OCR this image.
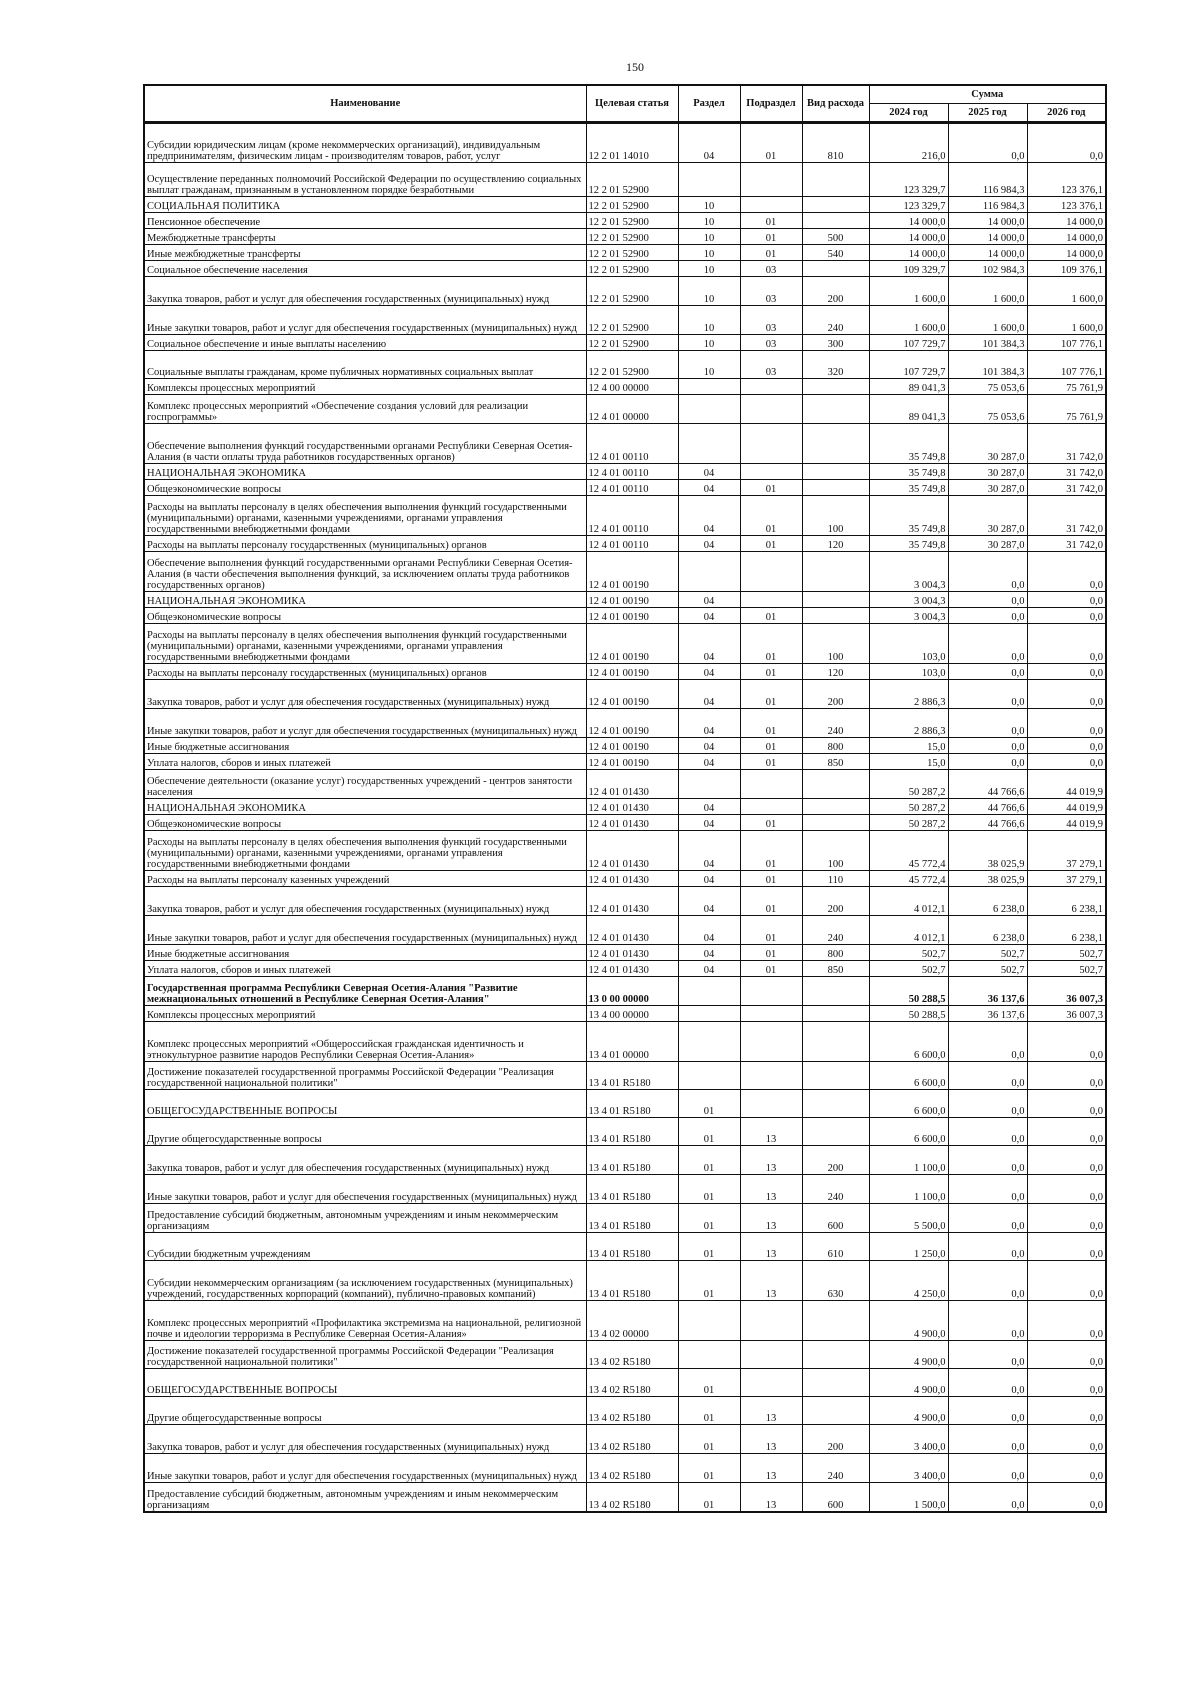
150
Наименование	Целевая статья	Раздел	Подраздел	Вид расхода	Сумма		
					2024 год	2025 год	2026 год
Субсидии юридическим лицам (кроме некоммерческих организаций), индивидуальным предпринимателям, физическим лицам - производителям товаров, работ, услуг	12 2 01 14010	04	01	810	216,0	0,0	0,0
Осуществление переданных полномочий Российской Федерации по осуществлению социальных выплат гражданам, признанным в установленном порядке безработными	12 2 01 52900				123 329,7	116 984,3	123 376,1
СОЦИАЛЬНАЯ ПОЛИТИКА	12 2 01 52900	10			123 329,7	116 984,3	123 376,1
Пенсионное обеспечение	12 2 01 52900	10	01		14 000,0	14 000,0	14 000,0
Межбюджетные трансферты	12 2 01 52900	10	01	500	14 000,0	14 000,0	14 000,0
Иные межбюджетные трансферты	12 2 01 52900	10	01	540	14 000,0	14 000,0	14 000,0
Социальное обеспечение населения	12 2 01 52900	10	03		109 329,7	102 984,3	109 376,1
Закупка товаров, работ и услуг для обеспечения государственных (муниципальных) нужд	12 2 01 52900	10	03	200	1 600,0	1 600,0	1 600,0
Иные закупки товаров, работ и услуг для обеспечения государственных (муниципальных) нужд	12 2 01 52900	10	03	240	1 600,0	1 600,0	1 600,0
Социальное обеспечение и иные выплаты населению	12 2 01 52900	10	03	300	107 729,7	101 384,3	107 776,1
Социальные выплаты гражданам, кроме публичных нормативных социальных выплат	12 2 01 52900	10	03	320	107 729,7	101 384,3	107 776,1
Комплексы процессных мероприятий	12 4 00 00000				89 041,3	75 053,6	75 761,9
Комплекс процессных мероприятий «Обеспечение создания условий для реализации госпрограммы»	12 4 01 00000				89 041,3	75 053,6	75 761,9
Обеспечение выполнения функций государственными органами Республики Северная Осетия-Алания (в части оплаты труда работников государственных органов)	12 4 01 00110				35 749,8	30 287,0	31 742,0
НАЦИОНАЛЬНАЯ ЭКОНОМИКА	12 4 01 00110	04			35 749,8	30 287,0	31 742,0
Общеэкономические вопросы	12 4 01 00110	04	01		35 749,8	30 287,0	31 742,0
Расходы на выплаты персоналу в целях обеспечения выполнения функций государственными (муниципальными) органами, казенными учреждениями, органами управления государственными внебюджетными фондами	12 4 01 00110	04	01	100	35 749,8	30 287,0	31 742,0
Расходы на выплаты персоналу государственных (муниципальных) органов	12 4 01 00110	04	01	120	35 749,8	30 287,0	31 742,0
Обеспечение выполнения функций государственными органами Республики Северная Осетия-Алания (в части обеспечения выполнения функций, за исключением оплаты труда работников государственных органов)	12 4 01 00190				3 004,3	0,0	0,0
НАЦИОНАЛЬНАЯ ЭКОНОМИКА	12 4 01 00190	04			3 004,3	0,0	0,0
Общеэкономические вопросы	12 4 01 00190	04	01		3 004,3	0,0	0,0
Расходы на выплаты персоналу в целях обеспечения выполнения функций государственными (муниципальными) органами, казенными учреждениями, органами управления государственными внебюджетными фондами	12 4 01 00190	04	01	100	103,0	0,0	0,0
Расходы на выплаты персоналу государственных (муниципальных) органов	12 4 01 00190	04	01	120	103,0	0,0	0,0
Закупка товаров, работ и услуг для обеспечения государственных (муниципальных) нужд	12 4 01 00190	04	01	200	2 886,3	0,0	0,0
Иные закупки товаров, работ и услуг для обеспечения государственных (муниципальных) нужд	12 4 01 00190	04	01	240	2 886,3	0,0	0,0
Иные бюджетные ассигнования	12 4 01 00190	04	01	800	15,0	0,0	0,0
Уплата налогов, сборов и иных платежей	12 4 01 00190	04	01	850	15,0	0,0	0,0
Обеспечение деятельности (оказание услуг) государственных учреждений - центров занятости населения	12 4 01 01430				50 287,2	44 766,6	44 019,9
НАЦИОНАЛЬНАЯ ЭКОНОМИКА	12 4 01 01430	04			50 287,2	44 766,6	44 019,9
Общеэкономические вопросы	12 4 01 01430	04	01		50 287,2	44 766,6	44 019,9
Расходы на выплаты персоналу в целях обеспечения выполнения функций государственными (муниципальными) органами, казенными учреждениями, органами управления государственными внебюджетными фондами	12 4 01 01430	04	01	100	45 772,4	38 025,9	37 279,1
Расходы на выплаты персоналу казенных учреждений	12 4 01 01430	04	01	110	45 772,4	38 025,9	37 279,1
Закупка товаров, работ и услуг для обеспечения государственных (муниципальных) нужд	12 4 01 01430	04	01	200	4 012,1	6 238,0	6 238,1
Иные закупки товаров, работ и услуг для обеспечения государственных (муниципальных) нужд	12 4 01 01430	04	01	240	4 012,1	6 238,0	6 238,1
Иные бюджетные ассигнования	12 4 01 01430	04	01	800	502,7	502,7	502,7
Уплата налогов, сборов и иных платежей	12 4 01 01430	04	01	850	502,7	502,7	502,7
Государственная программа Республики Северная Осетия-Алания "Развитие межнациональных отношений в Республике Северная Осетия-Алания"	13 0 00 00000				50 288,5	36 137,6	36 007,3
Комплексы процессных мероприятий	13 4 00 00000				50 288,5	36 137,6	36 007,3
Комплекс процессных мероприятий «Общероссийская гражданская идентичность и этнокультурное развитие народов Республики Северная Осетия-Алания»	13 4 01 00000				6 600,0	0,0	0,0
Достижение показателей государственной программы Российской Федерации "Реализация государственной национальной политики"	13 4 01 R5180				6 600,0	0,0	0,0
ОБЩЕГОСУДАРСТВЕННЫЕ ВОПРОСЫ	13 4 01 R5180	01			6 600,0	0,0	0,0
Другие общегосударственные вопросы	13 4 01 R5180	01	13		6 600,0	0,0	0,0
Закупка товаров, работ и услуг для обеспечения государственных (муниципальных) нужд	13 4 01 R5180	01	13	200	1 100,0	0,0	0,0
Иные закупки товаров, работ и услуг для обеспечения государственных (муниципальных) нужд	13 4 01 R5180	01	13	240	1 100,0	0,0	0,0
Предоставление субсидий бюджетным, автономным учреждениям и иным некоммерческим организациям	13 4 01 R5180	01	13	600	5 500,0	0,0	0,0
Субсидии бюджетным учреждениям	13 4 01 R5180	01	13	610	1 250,0	0,0	0,0
Субсидии некоммерческим организациям (за исключением государственных (муниципальных) учреждений, государственных корпораций (компаний), публично-правовых компаний)	13 4 01 R5180	01	13	630	4 250,0	0,0	0,0
Комплекс процессных мероприятий «Профилактика экстремизма на национальной, религиозной почве и идеологии терроризма в Республике Северная Осетия-Алания»	13 4 02 00000				4 900,0	0,0	0,0
Достижение показателей государственной программы Российской Федерации "Реализация государственной национальной политики"	13 4 02 R5180				4 900,0	0,0	0,0
ОБЩЕГОСУДАРСТВЕННЫЕ ВОПРОСЫ	13 4 02 R5180	01			4 900,0	0,0	0,0
Другие общегосударственные вопросы	13 4 02 R5180	01	13		4 900,0	0,0	0,0
Закупка товаров, работ и услуг для обеспечения государственных (муниципальных) нужд	13 4 02 R5180	01	13	200	3 400,0	0,0	0,0
Иные закупки товаров, работ и услуг для обеспечения государственных (муниципальных) нужд	13 4 02 R5180	01	13	240	3 400,0	0,0	0,0
Предоставление субсидий бюджетным, автономным учреждениям и иным некоммерческим организациям	13 4 02 R5180	01	13	600	1 500,0	0,0	0,0
